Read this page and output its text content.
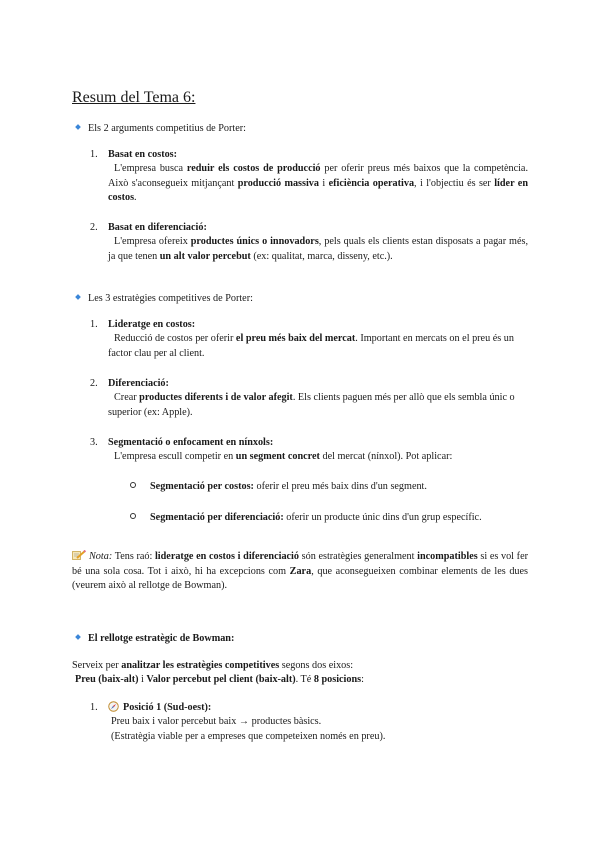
Resum del Tema 6:
Els 2 arguments competitius de Porter:
1. Basat en costos:
L'empresa busca reduir els costos de producció per oferir preus més baixos que la competència. Això s'aconsegueix mitjançant producció massiva i eficiència operativa, i l'objectiu és ser líder en costos.
2. Basat en diferenciació:
L'empresa ofereix productes únics o innovadors, pels quals els clients estan disposats a pagar més, ja que tenen un alt valor percebut (ex: qualitat, marca, disseny, etc.).
Les 3 estratègies competitives de Porter:
1. Lideratge en costos:
Reducció de costos per oferir el preu més baix del mercat. Important en mercats on el preu és un factor clau per al client.
2. Diferenciació:
Crear productes diferents i de valor afegit. Els clients paguen més per allò que els sembla únic o superior (ex: Apple).
3. Segmentació o enfocament en nínxols:
L'empresa escull competir en un segment concret del mercat (nínxol). Pot aplicar:
Segmentació per costos: oferir el preu més baix dins d'un segment.
Segmentació per diferenciació: oferir un producte únic dins d'un grup específic.
Nota: Tens raó: lideratge en costos i diferenciació són estratègies generalment incompatibles si es vol fer bé una sola cosa. Tot i això, hi ha excepcions com Zara, que aconsegueixen combinar elements de les dues (veurem això al rellotge de Bowman).
El rellotge estratègic de Bowman:
Serveix per analitzar les estratègies competitives segons dos eixos:
Preu (baix-alt) i Valor percebut pel client (baix-alt). Té 8 posicions:
1. Posició 1 (Sud-oest):
Preu baix i valor percebut baix → productes bàsics.
(Estratègia viable per a empreses que competeixen només en preu).
